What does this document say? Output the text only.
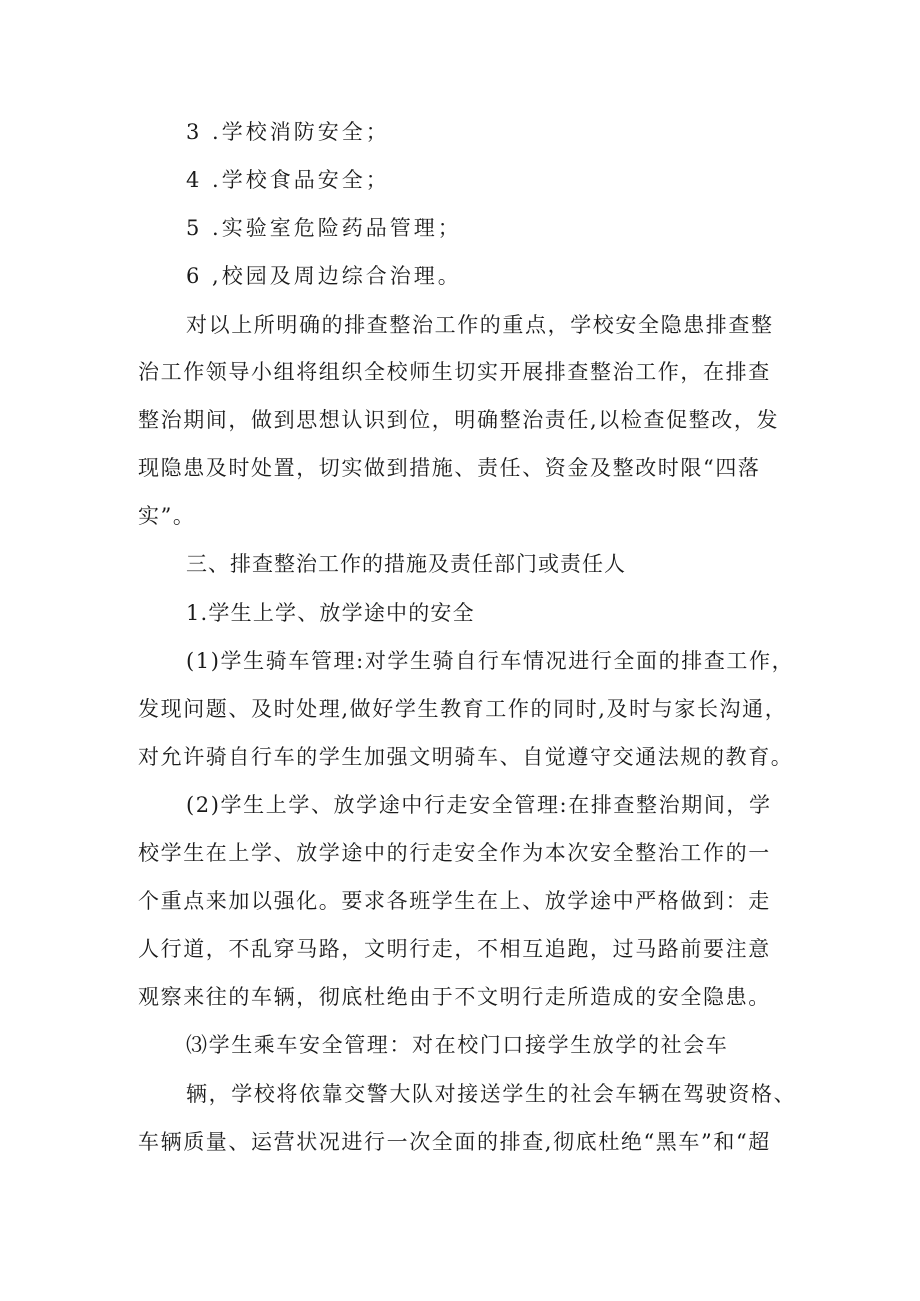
3 .学校消防安全；
4 .学校食品安全；
5 .实验室危险药品管理；
6 ,校园及周边综合治理。
对以上所明确的排查整治工作的重点，学校安全隐患排查整
治工作领导小组将组织全校师生切实开展排查整治工作，在排查
整治期间，做到思想认识到位，明确整治责任,以检查促整改，发
现隐患及时处置，切实做到措施、责任、资金及整改时限“四落
实”。
三、排查整治工作的措施及责任部门或责任人
1.学生上学、放学途中的安全
(1)学生骑车管理:对学生骑自行车情况进行全面的排查工作，
发现问题、及时处理,做好学生教育工作的同时,及时与家长沟通，
对允许骑自行车的学生加强文明骑车、自觉遵守交通法规的教育。
(2)学生上学、放学途中行走安全管理:在排查整治期间，学
校学生在上学、放学途中的行走安全作为本次安全整治工作的一
个重点来加以强化。要求各班学生在上、放学途中严格做到：走
人行道，不乱穿马路，文明行走，不相互追跑，过马路前要注意
观察来往的车辆，彻底杜绝由于不文明行走所造成的安全隐患。
⑶学生乘车安全管理：对在校门口接学生放学的社会车
辆，学校将依靠交警大队对接送学生的社会车辆在驾驶资格、
车辆质量、运营状况进行一次全面的排查,彻底杜绝“黑车”和“超
